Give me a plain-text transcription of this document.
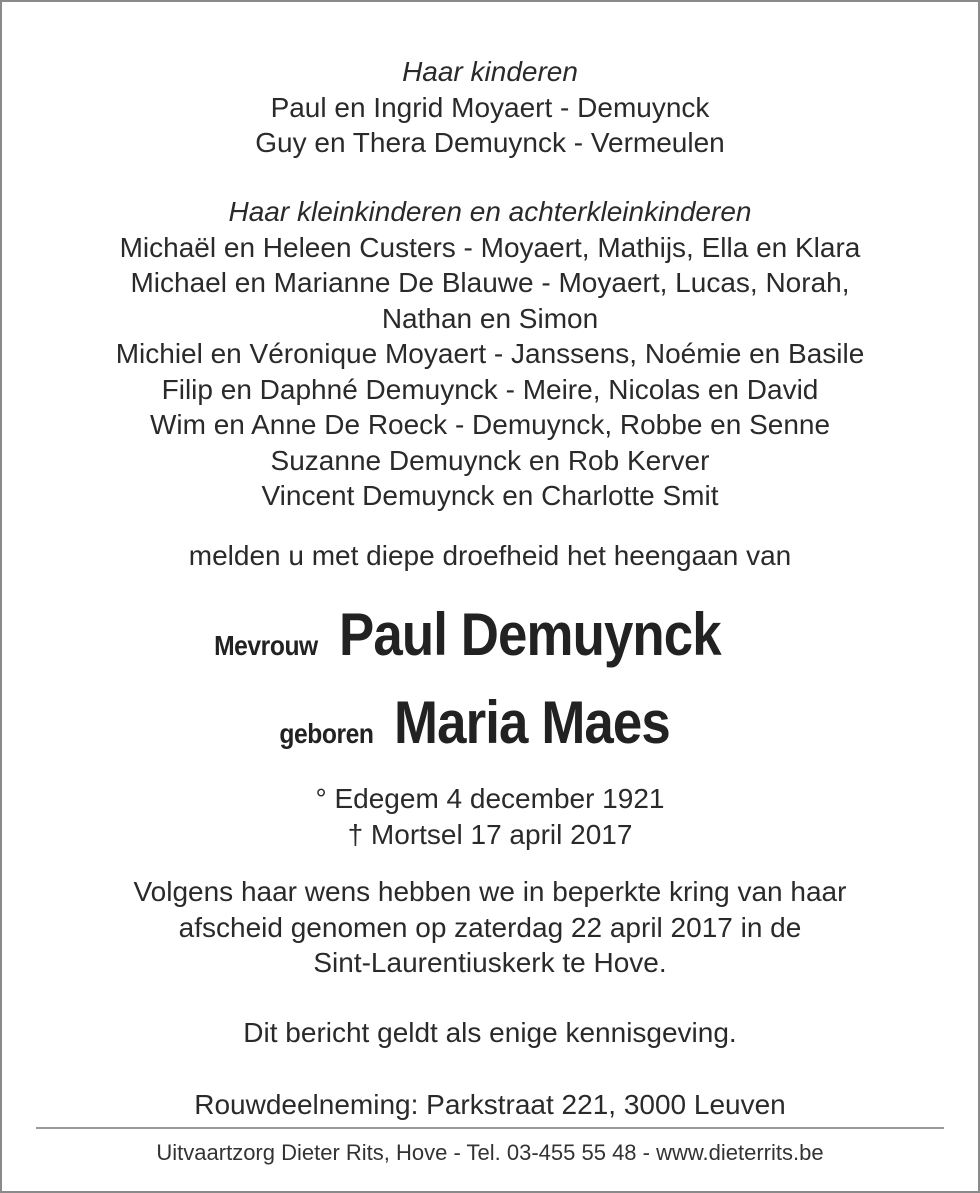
Haar kinderen
Paul en Ingrid Moyaert - Demuynck
Guy en Thera Demuynck - Vermeulen
Haar kleinkinderen en achterkleinkinderen
Michaël en Heleen Custers - Moyaert, Mathijs, Ella en Klara
Michael en Marianne De Blauwe - Moyaert, Lucas, Norah,
Nathan en Simon
Michiel en Véronique Moyaert - Janssens, Noémie en Basile
Filip en Daphné Demuynck - Meire, Nicolas en David
Wim en Anne De Roeck - Demuynck, Robbe en Senne
Suzanne Demuynck en Rob Kerver
Vincent Demuynck en Charlotte Smit
melden u met diepe droefheid het heengaan van
Mevrouw Paul Demuynck
geboren Maria Maes
° Edegem 4 december 1921
† Mortsel 17 april 2017
Volgens haar wens hebben we in beperkte kring van haar
afscheid genomen op zaterdag 22 april 2017 in de
Sint-Laurentiuskerk te Hove.
Dit bericht geldt als enige kennisgeving.
Rouwdeelneming: Parkstraat 221, 3000 Leuven
Uitvaartzorg Dieter Rits, Hove - Tel. 03-455 55 48 - www.dieterrits.be
